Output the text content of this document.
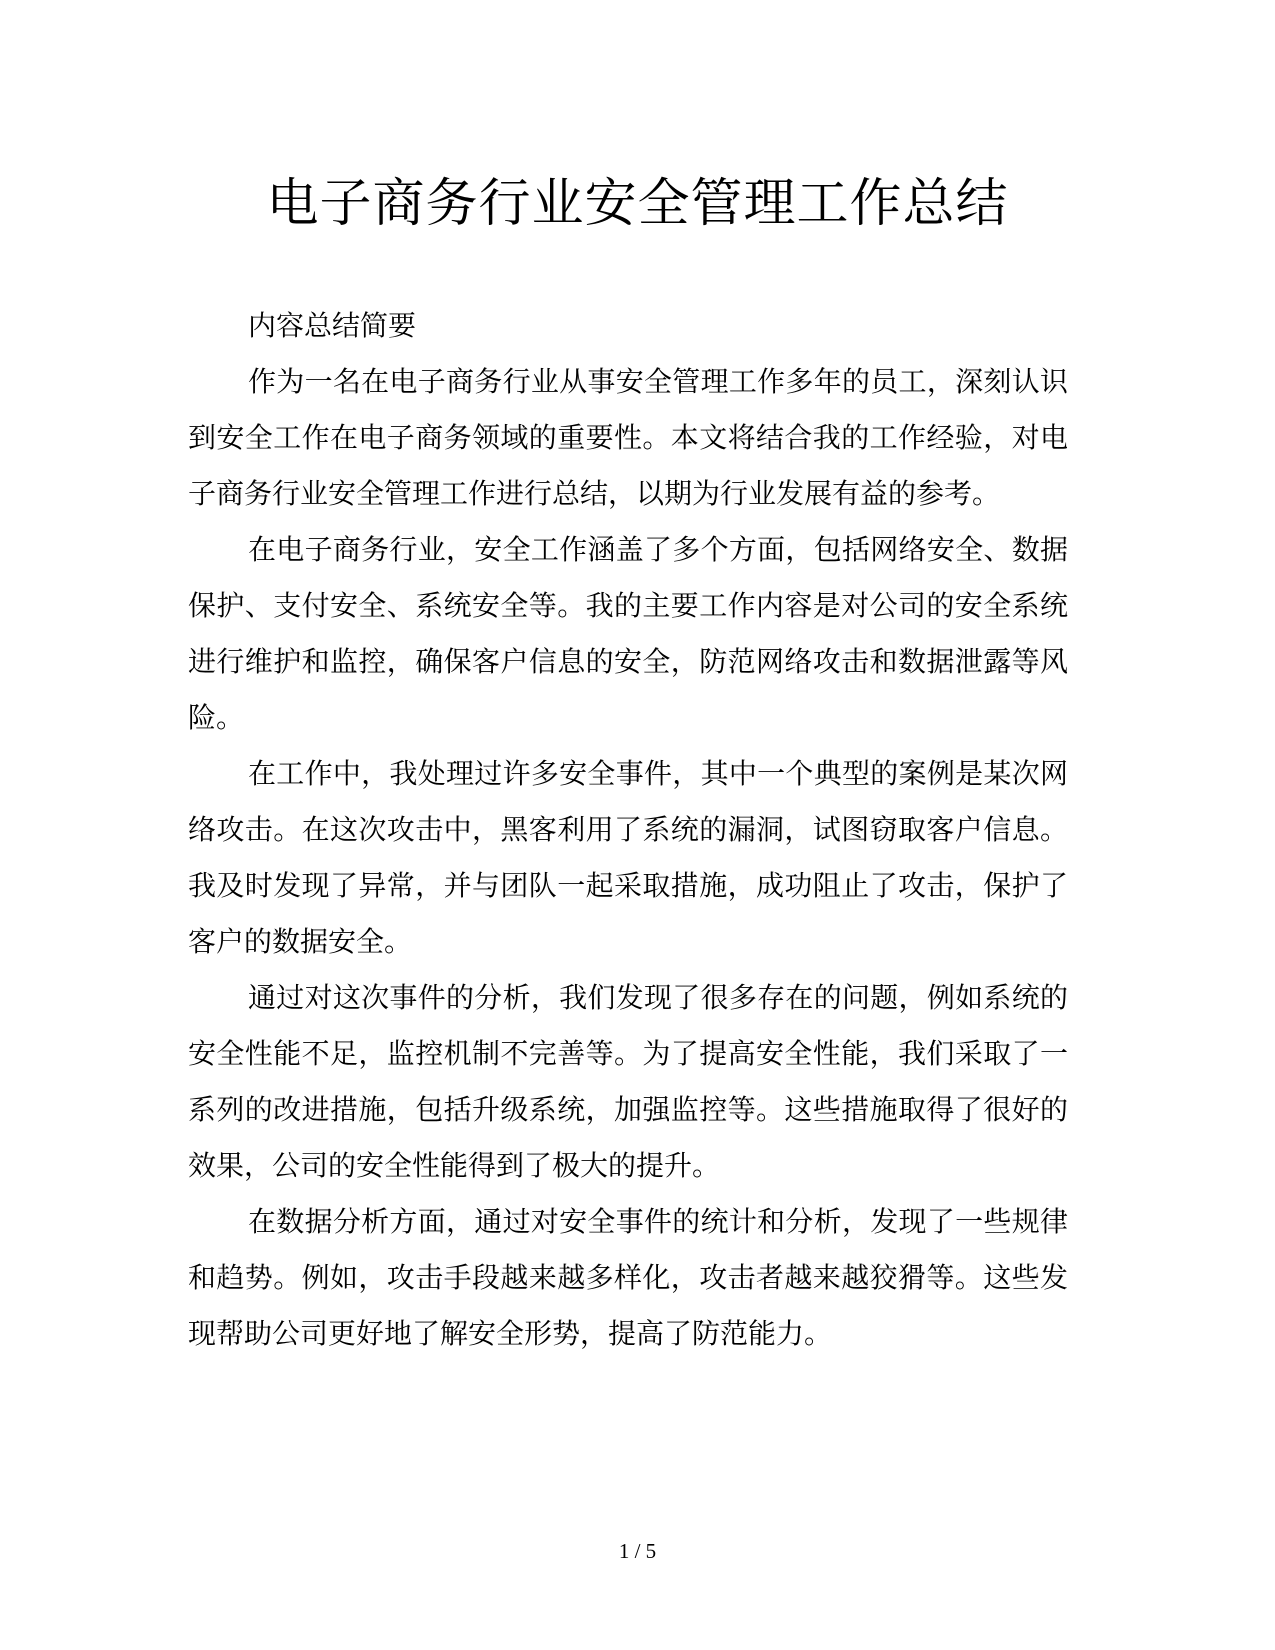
电子商务行业安全管理工作总结

内容总结简要

作为一名在电子商务行业从事安全管理工作多年的员工，深刻认识到安全工作在电子商务领域的重要性。本文将结合我的工作经验，对电子商务行业安全管理工作进行总结，以期为行业发展有益的参考。

在电子商务行业，安全工作涵盖了多个方面，包括网络安全、数据保护、支付安全、系统安全等。我的主要工作内容是对公司的安全系统进行维护和监控，确保客户信息的安全，防范网络攻击和数据泄露等风险。

在工作中，我处理过许多安全事件，其中一个典型的案例是某次网络攻击。在这次攻击中，黑客利用了系统的漏洞，试图窃取客户信息。我及时发现了异常，并与团队一起采取措施，成功阻止了攻击，保护了客户的数据安全。

通过对这次事件的分析，我们发现了很多存在的问题，例如系统的安全性能不足，监控机制不完善等。为了提高安全性能，我们采取了一系列的改进措施，包括升级系统，加强监控等。这些措施取得了很好的效果，公司的安全性能得到了极大的提升。

在数据分析方面，通过对安全事件的统计和分析，发现了一些规律和趋势。例如，攻击手段越来越多样化，攻击者越来越狡猾等。这些发现帮助公司更好地了解安全形势，提高了防范能力。

1 / 5
